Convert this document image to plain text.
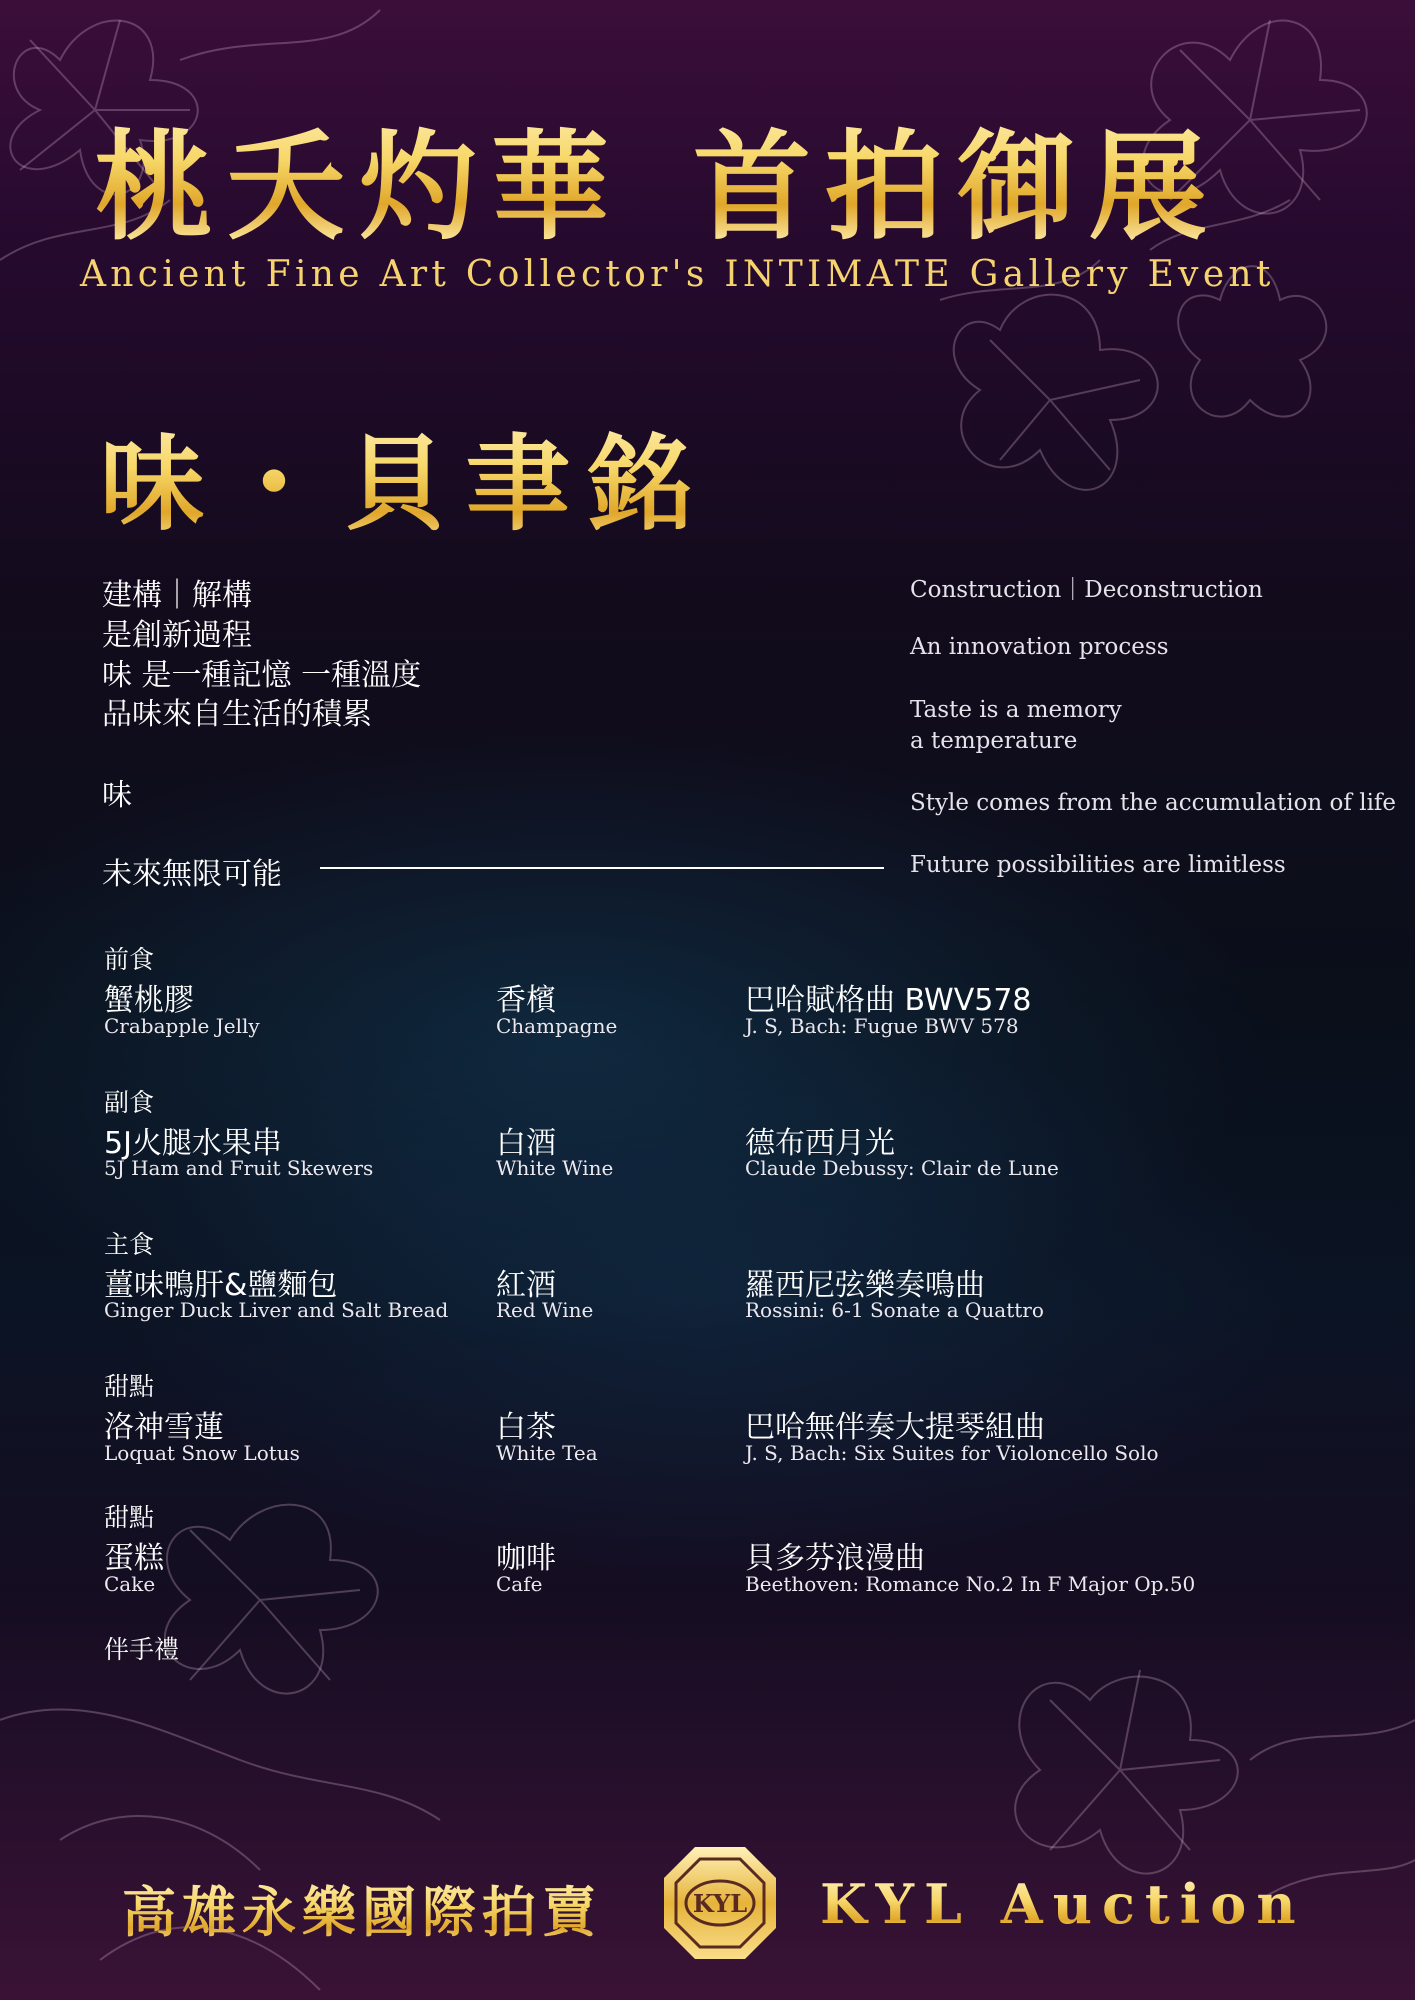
桃夭灼華 首拍御展
Ancient Fine Art Collector's INTIMATE Gallery Event
味・貝聿銘
建構｜解構
是創新過程
味 是一種記憶 一種溫度
品味來自生活的積累
味
未來無限可能
Construction｜Deconstruction
An innovation process
Taste is a memory
a temperature
Style comes from the accumulation of life
Future possibilities are limitless
前食
蟹桃膠
Crabapple Jelly
香檳
Champagne
巴哈賦格曲 BWV578
J. S, Bach: Fugue BWV 578
副食
5J火腿水果串
5J Ham and Fruit Skewers
白酒
White Wine
德布西月光
Claude Debussy: Clair de Lune
主食
薑味鴨肝&鹽麵包
Ginger Duck Liver and Salt Bread
紅酒
Red Wine
羅西尼弦樂奏鳴曲
Rossini: 6-1 Sonate a Quattro
甜點
洛神雪蓮
Loquat Snow Lotus
白茶
White Tea
巴哈無伴奏大提琴組曲
J. S, Bach: Six Suites for Violoncello Solo
甜點
蛋糕
Cake
咖啡
Cafe
貝多芬浪漫曲
Beethoven: Romance No.2 In F Major Op.50
伴手禮
高雄永樂國際拍賣	KYL KYL Auction
